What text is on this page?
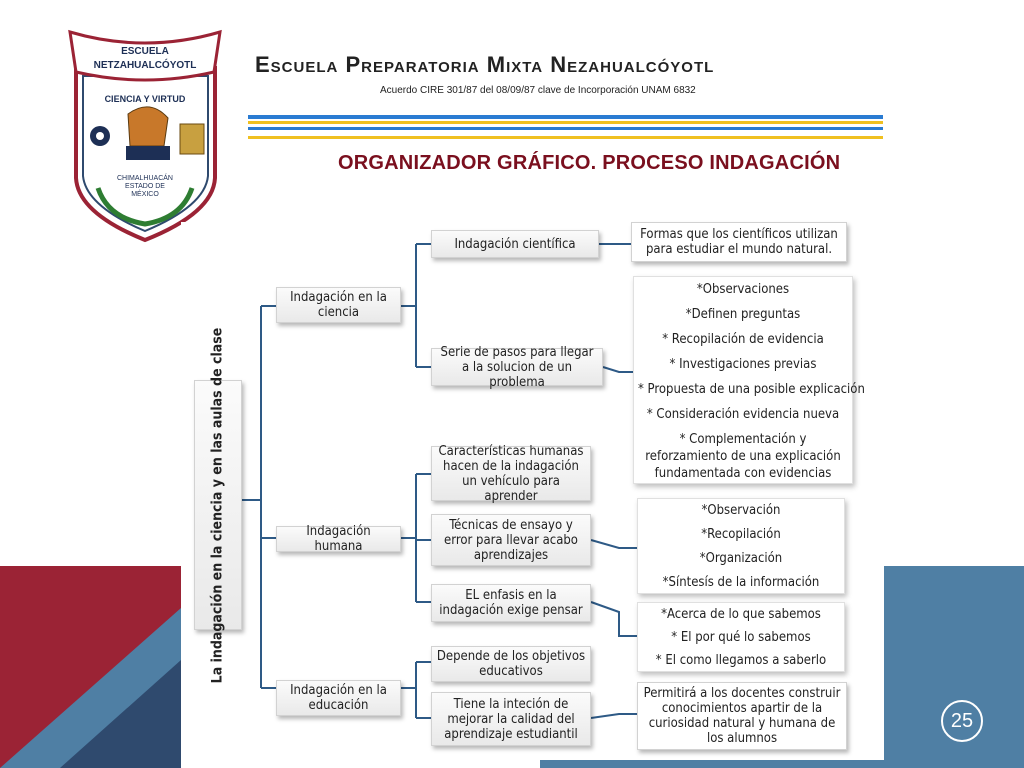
ESCUELA
NETZAHUALCÓYOTL
CIENCIA Y VIRTUD
CHIMALHUACÁN
ESTADO DE
MÉXICO
Escuela Preparatoria Mixta Nezahualcóyotl
Acuerdo CIRE 301/87 del 08/09/87 clave de Incorporación UNAM 6832
ORGANIZADOR GRÁFICO. PROCESO INDAGACIÓN
La indagación en la ciencia y en las aulas de clase
Indagación en la ciencia
Indagación humana
Indagación en la educación
Indagación científica
Serie de pasos para llegar a la solucion de un problema
Formas que los científicos utilizan para estudiar el mundo natural.
*Observaciones
*Definen preguntas
* Recopilación de evidencia
* Investigaciones previas
* Propuesta de una posible explicación
* Consideración evidencia nueva
* Complementación y reforzamiento de una explicación fundamentada con evidencias
Características humanas hacen de la indagación un vehículo para aprender
Técnicas de ensayo y error para llevar acabo aprendizajes
EL enfasis en la indagación exige pensar
*Observación
*Recopilación
*Organización
*Síntesís de la información
*Acerca de lo que sabemos
* El por qué lo sabemos
* El como llegamos a saberlo
Depende de los objetivos educativos
Tiene la inteción de mejorar la calidad del aprendizaje estudiantil
Permitirá a los docentes construir conocimientos apartir de la curiosidad natural y humana de los alumnos
25
